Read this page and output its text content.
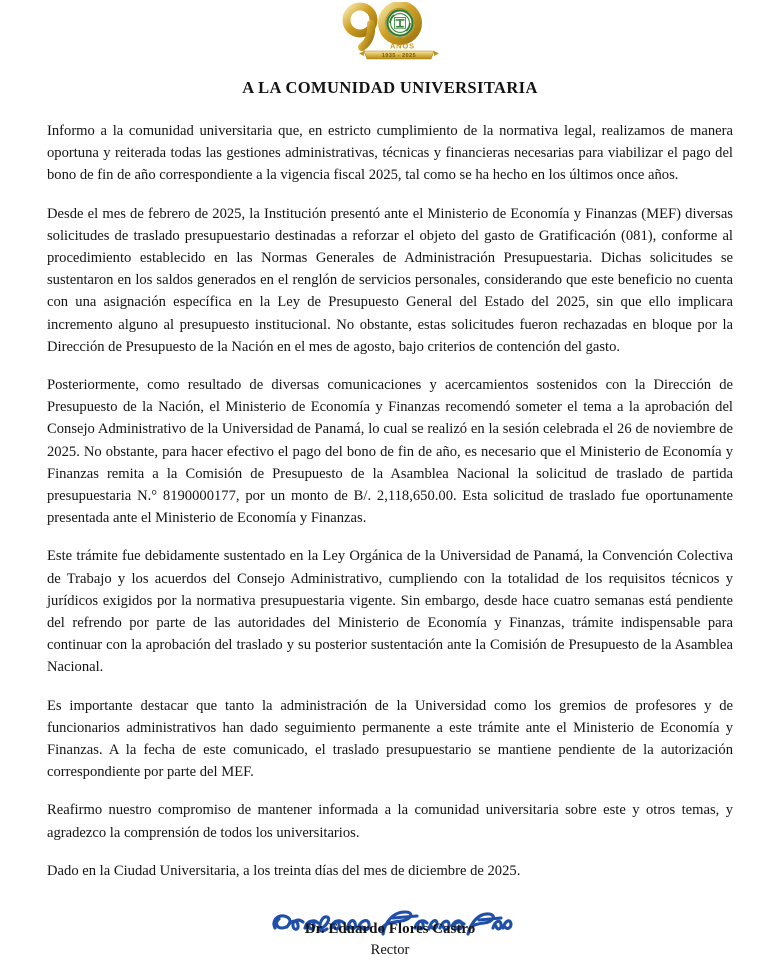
AÑOS
1935 - 2025
A LA COMUNIDAD UNIVERSITARIA

Informo a la comunidad universitaria que, en estricto cumplimiento de la normativa legal, realizamos de manera oportuna y reiterada todas las gestiones administrativas, técnicas y financieras necesarias para viabilizar el pago del bono de fin de año correspondiente a la vigencia fiscal 2025, tal como se ha hecho en los últimos once años.

Desde el mes de febrero de 2025, la Institución presentó ante el Ministerio de Economía y Finanzas (MEF) diversas solicitudes de traslado presupuestario destinadas a reforzar el objeto del gasto de Gratificación (081), conforme al procedimiento establecido en las Normas Generales de Administración Presupuestaria. Dichas solicitudes se sustentaron en los saldos generados en el renglón de servicios personales, considerando que este beneficio no cuenta con una asignación específica en la Ley de Presupuesto General del Estado del 2025, sin que ello implicara incremento alguno al presupuesto institucional. No obstante, estas solicitudes fueron rechazadas en bloque por la Dirección de Presupuesto de la Nación en el mes de agosto, bajo criterios de contención del gasto.

Posteriormente, como resultado de diversas comunicaciones y acercamientos sostenidos con la Dirección de Presupuesto de la Nación, el Ministerio de Economía y Finanzas recomendó someter el tema a la aprobación del Consejo Administrativo de la Universidad de Panamá, lo cual se realizó en la sesión celebrada el 26 de noviembre de 2025. No obstante, para hacer efectivo el pago del bono de fin de año, es necesario que el Ministerio de Economía y Finanzas remita a la Comisión de Presupuesto de la Asamblea Nacional la solicitud de traslado de partida presupuestaria N.° 8190000177, por un monto de B/. 2,118,650.00. Esta solicitud de traslado fue oportunamente presentada ante el Ministerio de Economía y Finanzas.

Este trámite fue debidamente sustentado en la Ley Orgánica de la Universidad de Panamá, la Convención Colectiva de Trabajo y los acuerdos del Consejo Administrativo, cumpliendo con la totalidad de los requisitos técnicos y jurídicos exigidos por la normativa presupuestaria vigente. Sin embargo, desde hace cuatro semanas está pendiente del refrendo por parte de las autoridades del Ministerio de Economía y Finanzas, trámite indispensable para continuar con la aprobación del traslado y su posterior sustentación ante la Comisión de Presupuesto de la Asamblea Nacional.

Es importante destacar que tanto la administración de la Universidad como los gremios de profesores y de funcionarios administrativos han dado seguimiento permanente a este trámite ante el Ministerio de Economía y Finanzas. A la fecha de este comunicado, el traslado presupuestario se mantiene pendiente de la autorización correspondiente por parte del MEF.

Reafirmo nuestro compromiso de mantener informada a la comunidad universitaria sobre este y otros temas, y agradezco la comprensión de todos los universitarios.

Dado en la Ciudad Universitaria, a los treinta días del mes de diciembre de 2025.

Dr. Eduardo Flores Castro
Rector
